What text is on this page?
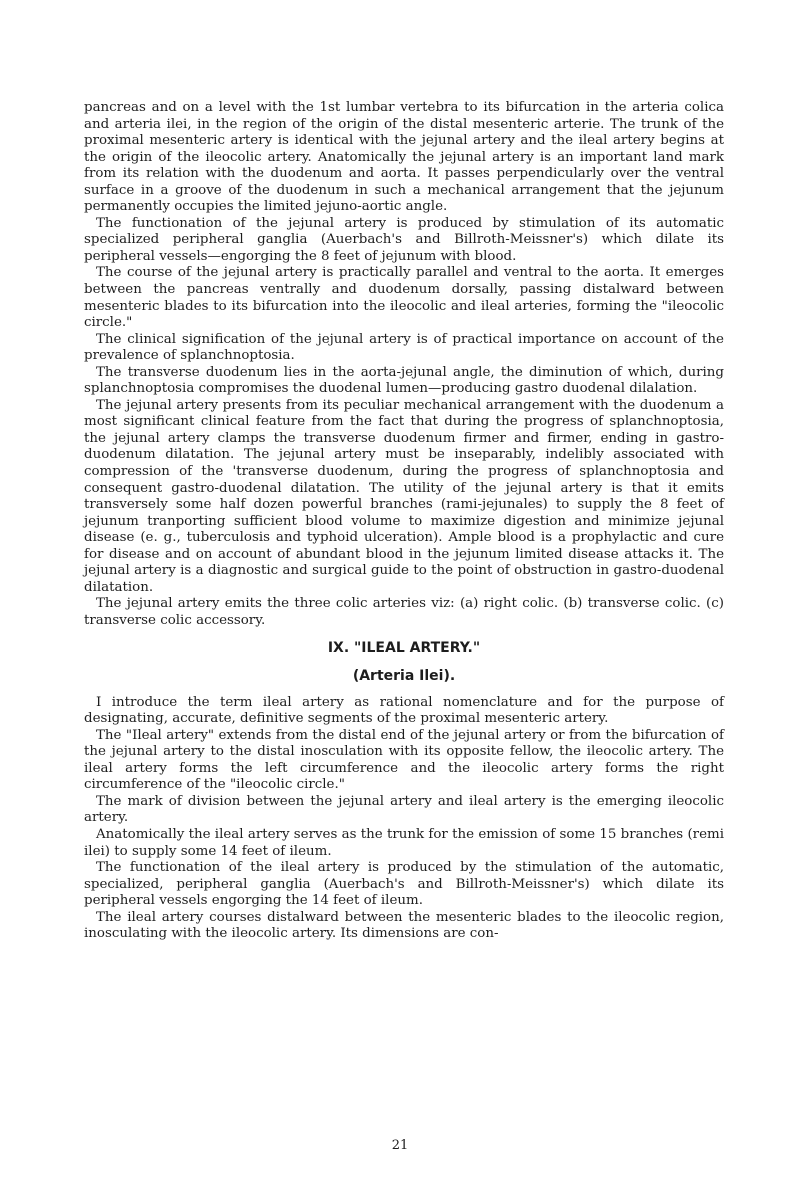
pancreas and on a level with the 1st lumbar vertebra to its bifurcation in the arteria colica and arteria ilei, in the region of the origin of the distal mesenteric arterie. The trunk of the proximal mesenteric artery is identical with the jejunal artery and the ileal artery begins at the origin of the ileocolic artery. Anatomically the jejunal artery is an important land mark from its relation with the duodenum and aorta. It passes perpendicularly over the ventral surface in a groove of the duodenum in such a mechanical arrangement that the jejunum permanently occupies the limited jejuno-aortic angle.

The functionation of the jejunal artery is produced by stimulation of its automatic specialized peripheral ganglia (Auerbach's and Billroth-Meissner's) which dilate its peripheral vessels—engorging the 8 feet of jejunum with blood.

The course of the jejunal artery is practically parallel and ventral to the aorta. It emerges between the pancreas ventrally and duodenum dorsally, passing distalward between mesenteric blades to its bifurcation into the ileocolic and ileal arteries, forming the "ileocolic circle."

The clinical signification of the jejunal artery is of practical importance on account of the prevalence of splanchnoptosia.

The transverse duodenum lies in the aorta-jejunal angle, the diminution of which, during splanchnoptosia compromises the duodenal lumen—producing gastro duodenal dilalation.

The jejunal artery presents from its peculiar mechanical arrangement with the duodenum a most significant clinical feature from the fact that during the progress of splanchnoptosia, the jejunal artery clamps the transverse duodenum firmer and firmer, ending in gastro-duodenum dilatation. The jejunal artery must be inseparably, indelibly associated with compression of the 'transverse duodenum, during the progress of splanchnoptosia and consequent gastro-duodenal dilatation. The utility of the jejunal artery is that it emits transversely some half dozen powerful branches (rami-jejunales) to supply the 8 feet of jejunum tranporting sufficient blood volume to maximize digestion and minimize jejunal disease (e. g., tuberculosis and typhoid ulceration). Ample blood is a prophylactic and cure for disease and on account of abundant blood in the jejunum limited disease attacks it. The jejunal artery is a diagnostic and surgical guide to the point of obstruction in gastro-duodenal dilatation.

The jejunal artery emits the three colic arteries viz: (a) right colic. (b) transverse colic. (c) transverse colic accessory.

IX. "ILEAL ARTERY."
(Arteria Ilei).

I introduce the term ileal artery as rational nomenclature and for the purpose of designating, accurate, definitive segments of the proximal mesenteric artery.

The "Ileal artery" extends from the distal end of the jejunal artery or from the bifurcation of the jejunal artery to the distal inosculation with its opposite fellow, the ileocolic artery. The ileal artery forms the left circumference and the ileocolic artery forms the right circumference of the "ileocolic circle."

The mark of division between the jejunal artery and ileal artery is the emerging ileocolic artery.

Anatomically the ileal artery serves as the trunk for the emission of some 15 branches (remi ilei) to supply some 14 feet of ileum.

The functionation of the ileal artery is produced by the stimulation of the automatic, specialized, peripheral ganglia (Auerbach's and Billroth-Meissner's) which dilate its peripheral vessels engorging the 14 feet of ileum.

The ileal artery courses distalward between the mesenteric blades to the ileocolic region, inosculating with the ileocolic artery. Its dimensions are con-

21
